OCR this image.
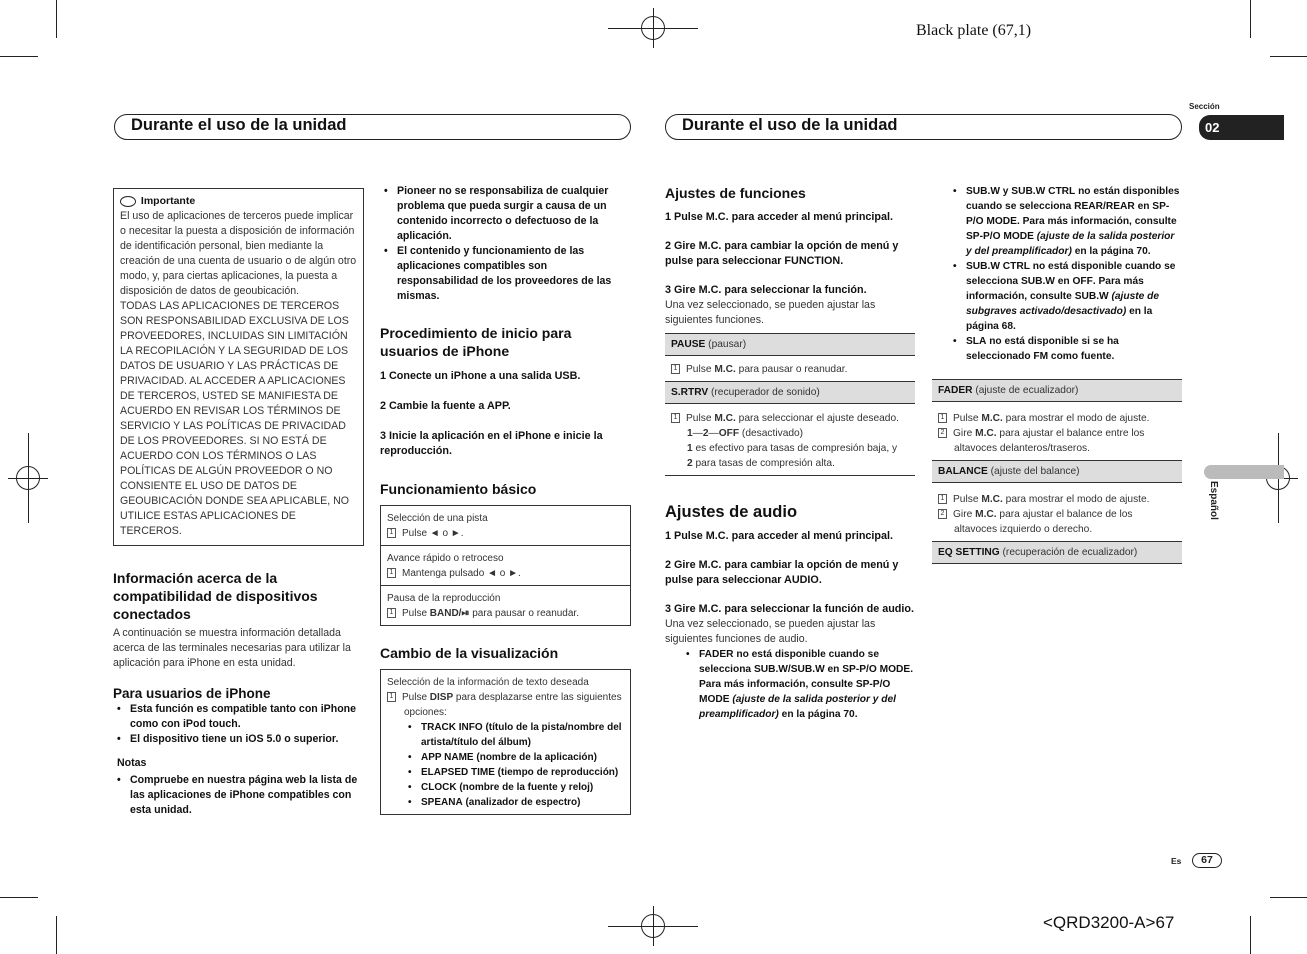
Black plate (67,1)
<QRD3200-A>67
Durante el uso de la unidad	Durante el uso de la unidad
Sección
02
Español
Importante
El uso de aplicaciones de terceros puede implicar o necesitar la puesta a disposición de información de identificación personal, bien mediante la creación de una cuenta de usuario o de algún otro modo, y, para ciertas aplicaciones, la puesta a disposición de datos de geoubicación.
TODAS LAS APLICACIONES DE TERCEROS SON RESPONSABILIDAD EXCLUSIVA DE LOS PROVEEDORES, INCLUIDAS SIN LIMITACIÓN LA RECOPILACIÓN Y LA SEGURIDAD DE LOS DATOS DE USUARIO Y LAS PRÁCTICAS DE PRIVACIDAD. AL ACCEDER A APLICACIONES DE TERCEROS, USTED SE MANIFIESTA DE ACUERDO EN REVISAR LOS TÉRMINOS DE SERVICIO Y LAS POLÍTICAS DE PRIVACIDAD DE LOS PROVEEDORES. SI NO ESTÁ DE ACUERDO CON LOS TÉRMINOS O LAS POLÍTICAS DE ALGÚN PROVEEDOR O NO CONSIENTE EL USO DE DATOS DE GEOUBICACIÓN DONDE SEA APLICABLE, NO UTILICE ESTAS APLICACIONES DE TERCEROS.
Información acerca de la compatibilidad de dispositivos conectados
A continuación se muestra información detallada acerca de las terminales necesarias para utilizar la aplicación para iPhone en esta unidad.
Para usuarios de iPhone
• Esta función es compatible tanto con iPhone como con iPod touch.
• El dispositivo tiene un iOS 5.0 o superior.
Notas
• Compruebe en nuestra página web la lista de las aplicaciones de iPhone compatibles con esta unidad.
• Pioneer no se responsabiliza de cualquier problema que pueda surgir a causa de un contenido incorrecto o defectuoso de la aplicación.
• El contenido y funcionamiento de las aplicaciones compatibles son responsabilidad de los proveedores de las mismas.
Procedimiento de inicio para usuarios de iPhone
1 Conecte un iPhone a una salida USB.
2 Cambie la fuente a APP.
3 Inicie la aplicación en el iPhone e inicie la reproducción.
Funcionamiento básico
Selección de una pista
1 Pulse ◄ o ►.
Avance rápido o retroceso
1 Mantenga pulsado ◄ o ►.
Pausa de la reproducción
1 Pulse BAND/⏯ para pausar o reanudar.
Cambio de la visualización
Selección de la información de texto deseada
1 Pulse DISP para desplazarse entre las siguientes opciones:
• TRACK INFO (título de la pista/nombre del artista/título del álbum)
• APP NAME (nombre de la aplicación)
• ELAPSED TIME (tiempo de reproducción)
• CLOCK (nombre de la fuente y reloj)
• SPEANA (analizador de espectro)
Ajustes de funciones
1 Pulse M.C. para acceder al menú principal.
2 Gire M.C. para cambiar la opción de menú y pulse para seleccionar FUNCTION.
3 Gire M.C. para seleccionar la función.
Una vez seleccionado, se pueden ajustar las siguientes funciones.
PAUSE (pausar)
1 Pulse M.C. para pausar o reanudar.
S.RTRV (recuperador de sonido)
1 Pulse M.C. para seleccionar el ajuste deseado.
1—2—OFF (desactivado)
1 es efectivo para tasas de compresión baja, y
2 para tasas de compresión alta.
Ajustes de audio
1 Pulse M.C. para acceder al menú principal.
2 Gire M.C. para cambiar la opción de menú y pulse para seleccionar AUDIO.
3 Gire M.C. para seleccionar la función de audio.
Una vez seleccionado, se pueden ajustar las siguientes funciones de audio.
• FADER no está disponible cuando se selecciona SUB.W/SUB.W en SP-P/O MODE. Para más información, consulte SP-P/O MODE (ajuste de la salida posterior y del preamplificador) en la página 70.
• SUB.W y SUB.W CTRL no están disponibles cuando se selecciona REAR/REAR en SP-P/O MODE. Para más información, consulte SP-P/O MODE (ajuste de la salida posterior y del preamplificador) en la página 70.
• SUB.W CTRL no está disponible cuando se selecciona SUB.W en OFF. Para más información, consulte SUB.W (ajuste de subgraves activado/desactivado) en la página 68.
• SLA no está disponible si se ha seleccionado FM como fuente.
FADER (ajuste de ecualizador)
1 Pulse M.C. para mostrar el modo de ajuste.
2 Gire M.C. para ajustar el balance entre los altavoces delanteros/traseros.
BALANCE (ajuste del balance)
1 Pulse M.C. para mostrar el modo de ajuste.
2 Gire M.C. para ajustar el balance de los altavoces izquierdo o derecho.
EQ SETTING (recuperación de ecualizador)
Es	67
